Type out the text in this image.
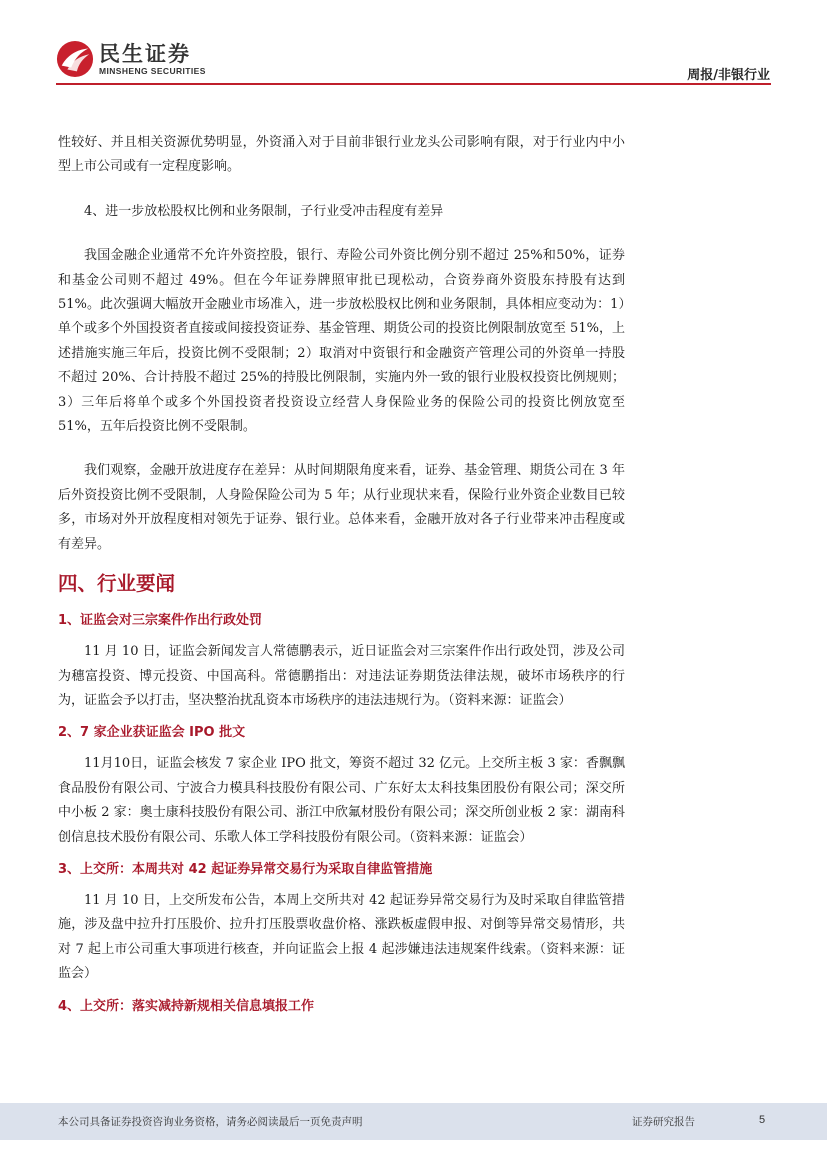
民生证券
MINSHENG SECURITIES	周报/非银行业

性较好、并且相关资源优势明显，外资涌入对于目前非银行业龙头公司影响有限，对于行业内中小型上市公司或有一定程度影响。

4、进一步放松股权比例和业务限制，子行业受冲击程度有差异

我国金融企业通常不允许外资控股，银行、寿险公司外资比例分别不超过 25%和50%，证券和基金公司则不超过 49%。但在今年证券牌照审批已现松动，合资券商外资股东持股有达到 51%。此次强调大幅放开金融业市场准入，进一步放松股权比例和业务限制，具体相应变动为：1）单个或多个外国投资者直接或间接投资证券、基金管理、期货公司的投资比例限制放宽至 51%，上述措施实施三年后，投资比例不受限制；2）取消对中资银行和金融资产管理公司的外资单一持股不超过 20%、合计持股不超过 25%的持股比例限制，实施内外一致的银行业股权投资比例规则；3）三年后将单个或多个外国投资者投资设立经营人身保险业务的保险公司的投资比例放宽至 51%，五年后投资比例不受限制。

我们观察，金融开放进度存在差异：从时间期限角度来看，证券、基金管理、期货公司在 3 年后外资投资比例不受限制，人身险保险公司为 5 年；从行业现状来看，保险行业外资企业数目已较多，市场对外开放程度相对领先于证券、银行业。总体来看，金融开放对各子行业带来冲击程度或有差异。

四、行业要闻
1、证监会对三宗案件作出行政处罚

11 月 10 日，证监会新闻发言人常德鹏表示，近日证监会对三宗案件作出行政处罚，涉及公司为穗富投资、博元投资、中国高科。常德鹏指出：对违法证券期货法律法规，破坏市场秩序的行为，证监会予以打击，坚决整治扰乱资本市场秩序的违法违规行为。（资料来源：证监会）

2、7 家企业获证监会 IPO 批文

11月10日，证监会核发 7 家企业 IPO 批文，筹资不超过 32 亿元。上交所主板 3 家：香飘飘食品股份有限公司、宁波合力模具科技股份有限公司、广东好太太科技集团股份有限公司；深交所中小板 2 家：奥士康科技股份有限公司、浙江中欣氟材股份有限公司；深交所创业板 2 家：湖南科创信息技术股份有限公司、乐歌人体工学科技股份有限公司。（资料来源：证监会）

3、上交所：本周共对 42 起证券异常交易行为采取自律监管措施

11 月 10 日，上交所发布公告，本周上交所共对 42 起证券异常交易行为及时采取自律监管措施，涉及盘中拉升打压股价、拉升打压股票收盘价格、涨跌板虚假申报、对倒等异常交易情形，共对 7 起上市公司重大事项进行核查，并向证监会上报 4 起涉嫌违法违规案件线索。（资料来源：证监会）

4、上交所：落实减持新规相关信息填报工作
本公司具备证券投资咨询业务资格，请务必阅读最后一页免责声明	证券研究报告	5
